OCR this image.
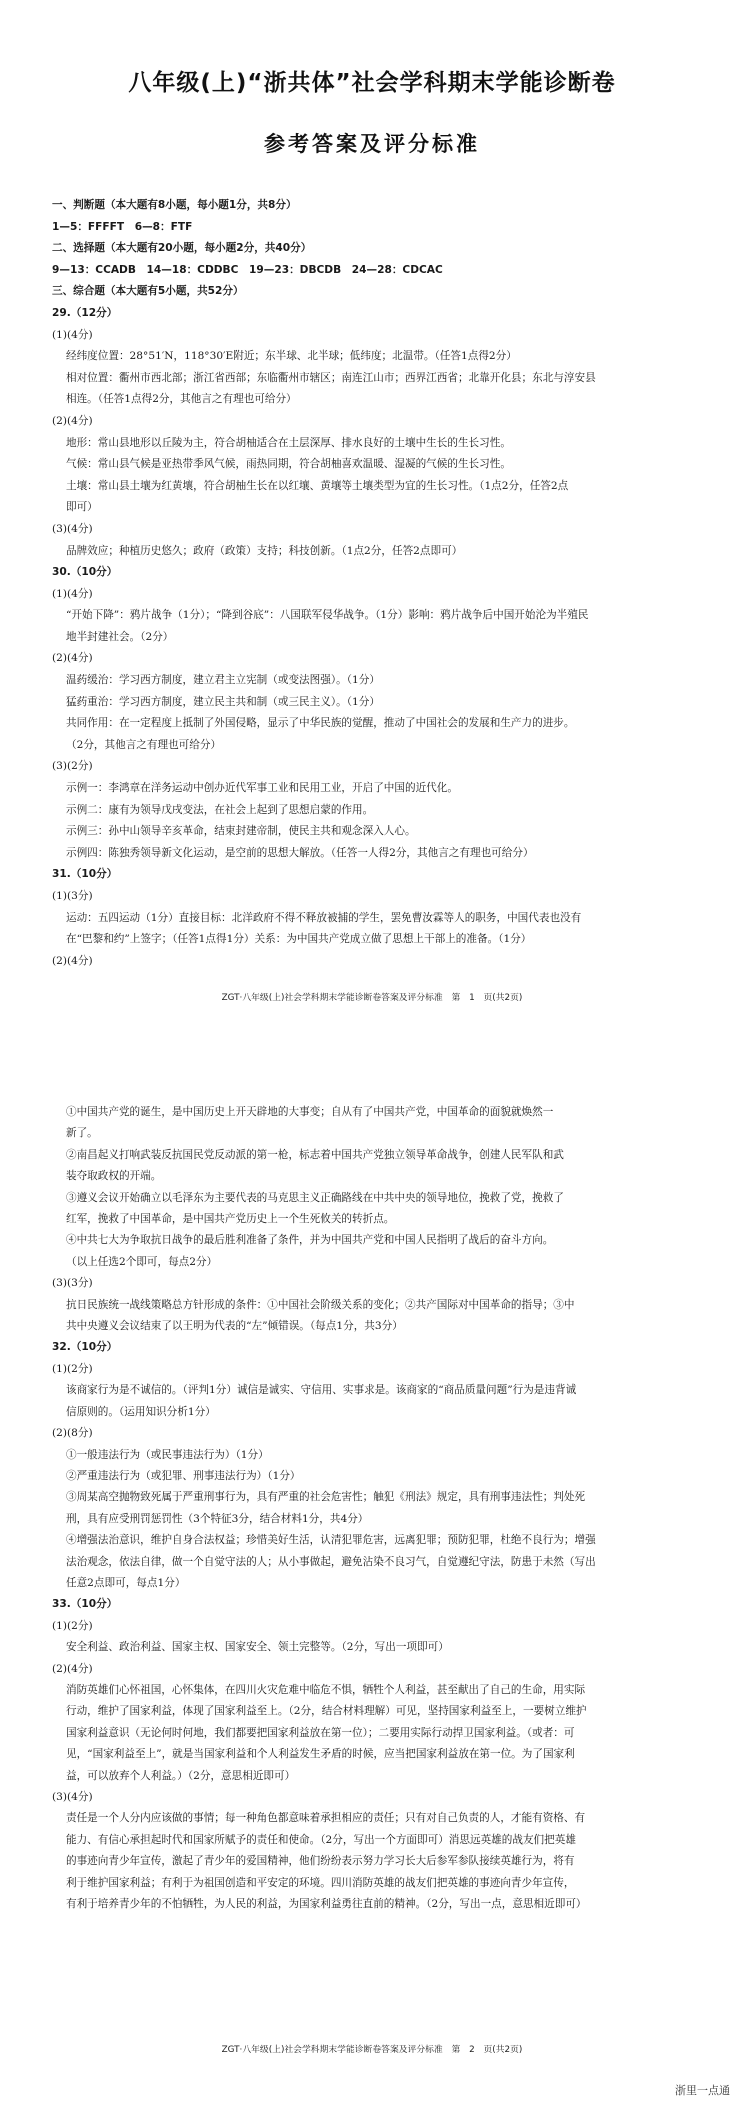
八年级(上)“浙共体”社会学科期末学能诊断卷
参考答案及评分标准
一、判断题（本大题有8小题，每小题1分，共8分）
1—5：FFFFT　6—8：FTF
二、选择题（本大题有20小题，每小题2分，共40分）
9—13：CCADB　14—18：CDDBC　19—23：DBCDB　24—28：CDCAC
三、综合题（本大题有5小题，共52分）
29.（12分）
(1)(4分)
经纬度位置：28°51′N，118°30′E附近；东半球、北半球；低纬度；北温带。（任答1点得2分）
相对位置：衢州市西北部；浙江省西部；东临衢州市辖区；南连江山市；西界江西省；北靠开化县；东北与淳安县
相连。（任答1点得2分，其他言之有理也可给分）
(2)(4分)
地形：常山县地形以丘陵为主，符合胡柚适合在土层深厚、排水良好的土壤中生长的生长习性。
气候：常山县气候是亚热带季风气候，雨热同期，符合胡柚喜欢温暖、湿凝的气候的生长习性。
土壤：常山县土壤为红黄壤，符合胡柚生长在以红壤、黄壤等土壤类型为宜的生长习性。（1点2分，任答2点
即可）
(3)(4分)
品牌效应；种植历史悠久；政府（政策）支持；科技创新。（1点2分，任答2点即可）
30.（10分）
(1)(4分)
“开始下降”：鸦片战争（1分）；“降到谷底”：八国联军侵华战争。（1分）影响：鸦片战争后中国开始沦为半殖民
地半封建社会。（2分）
(2)(4分)
温药缓治：学习西方制度，建立君主立宪制（或变法图强）。（1分）
猛药重治：学习西方制度，建立民主共和制（或三民主义）。（1分）
共同作用：在一定程度上抵制了外国侵略，显示了中华民族的觉醒，推动了中国社会的发展和生产力的进步。
（2分，其他言之有理也可给分）
(3)(2分)
示例一：李鸿章在洋务运动中创办近代军事工业和民用工业，开启了中国的近代化。
示例二：康有为领导戊戌变法，在社会上起到了思想启蒙的作用。
示例三：孙中山领导辛亥革命，结束封建帝制，使民主共和观念深入人心。
示例四：陈独秀领导新文化运动，是空前的思想大解放。（任答一人得2分，其他言之有理也可给分）
31.（10分）
(1)(3分)
运动：五四运动（1分）直接目标：北洋政府不得不释放被捕的学生，罢免曹汝霖等人的职务，中国代表也没有
在“巴黎和约”上签字；（任答1点得1分）关系：为中国共产党成立做了思想上干部上的准备。（1分）
(2)(4分)
ZGT·八年级(上)社会学科期末学能诊断卷答案及评分标准　第　1　页(共2页)
①中国共产党的诞生，是中国历史上开天辟地的大事变；自从有了中国共产党，中国革命的面貌就焕然一
新了。
②南昌起义打响武装反抗国民党反动派的第一枪，标志着中国共产党独立领导革命战争，创建人民军队和武
装夺取政权的开端。
③遵义会议开始确立以毛泽东为主要代表的马克思主义正确路线在中共中央的领导地位，挽救了党，挽救了
红军，挽救了中国革命，是中国共产党历史上一个生死攸关的转折点。
④中共七大为争取抗日战争的最后胜利准备了条件，并为中国共产党和中国人民指明了战后的奋斗方向。
（以上任选2个即可，每点2分）
(3)(3分)
抗日民族统一战线策略总方针形成的条件：①中国社会阶级关系的变化；②共产国际对中国革命的指导；③中
共中央遵义会议结束了以王明为代表的“左”倾错误。（每点1分，共3分）
32.（10分）
(1)(2分)
该商家行为是不诚信的。（评判1分）诚信是诚实、守信用、实事求是。该商家的“商品质量问题”行为是违背诚
信原则的。（运用知识分析1分）
(2)(8分)
①一般违法行为（或民事违法行为）（1分）
②严重违法行为（或犯罪、刑事违法行为）（1分）
③周某高空抛物致死属于严重刑事行为，具有严重的社会危害性；触犯《刑法》规定，具有刑事违法性；判处死
刑，具有应受刑罚惩罚性（3个特征3分，结合材料1分，共4分）
④增强法治意识，维护自身合法权益；珍惜美好生活，认清犯罪危害，远离犯罪；预防犯罪，杜绝不良行为；增强
法治观念，依法自律，做一个自觉守法的人；从小事做起，避免沾染不良习气，自觉遵纪守法，防患于未然（写出
任意2点即可，每点1分）
33.（10分）
(1)(2分)
安全利益、政治利益、国家主权、国家安全、领土完整等。（2分，写出一项即可）
(2)(4分)
消防英雄们心怀祖国，心怀集体，在四川火灾危难中临危不惧，牺牲个人利益，甚至献出了自己的生命，用实际
行动，维护了国家利益，体现了国家利益至上。（2分，结合材料理解）可见，坚持国家利益至上，一要树立维护
国家利益意识（无论何时何地，我们都要把国家利益放在第一位）；二要用实际行动捍卫国家利益。（或者：可
见，“国家利益至上”，就是当国家利益和个人利益发生矛盾的时候，应当把国家利益放在第一位。为了国家利
益，可以放弃个人利益。）（2分，意思相近即可）
(3)(4分)
责任是一个人分内应该做的事情；每一种角色都意味着承担相应的责任；只有对自己负责的人，才能有资格、有
能力、有信心承担起时代和国家所赋予的责任和使命。（2分，写出一个方面即可）消思远英雄的战友们把英雄
的事迹向青少年宣传，激起了青少年的爱国精神，他们纷纷表示努力学习长大后参军参队接续英雄行为，将有
利于维护国家利益；有利于为祖国创造和平安定的环境。四川消防英雄的战友们把英雄的事迹向青少年宣传，
有利于培养青少年的不怕牺牲，为人民的利益，为国家利益勇往直前的精神。（2分，写出一点，意思相近即可）
ZGT·八年级(上)社会学科期末学能诊断卷答案及评分标准　第　2　页(共2页)
浙里一点通
